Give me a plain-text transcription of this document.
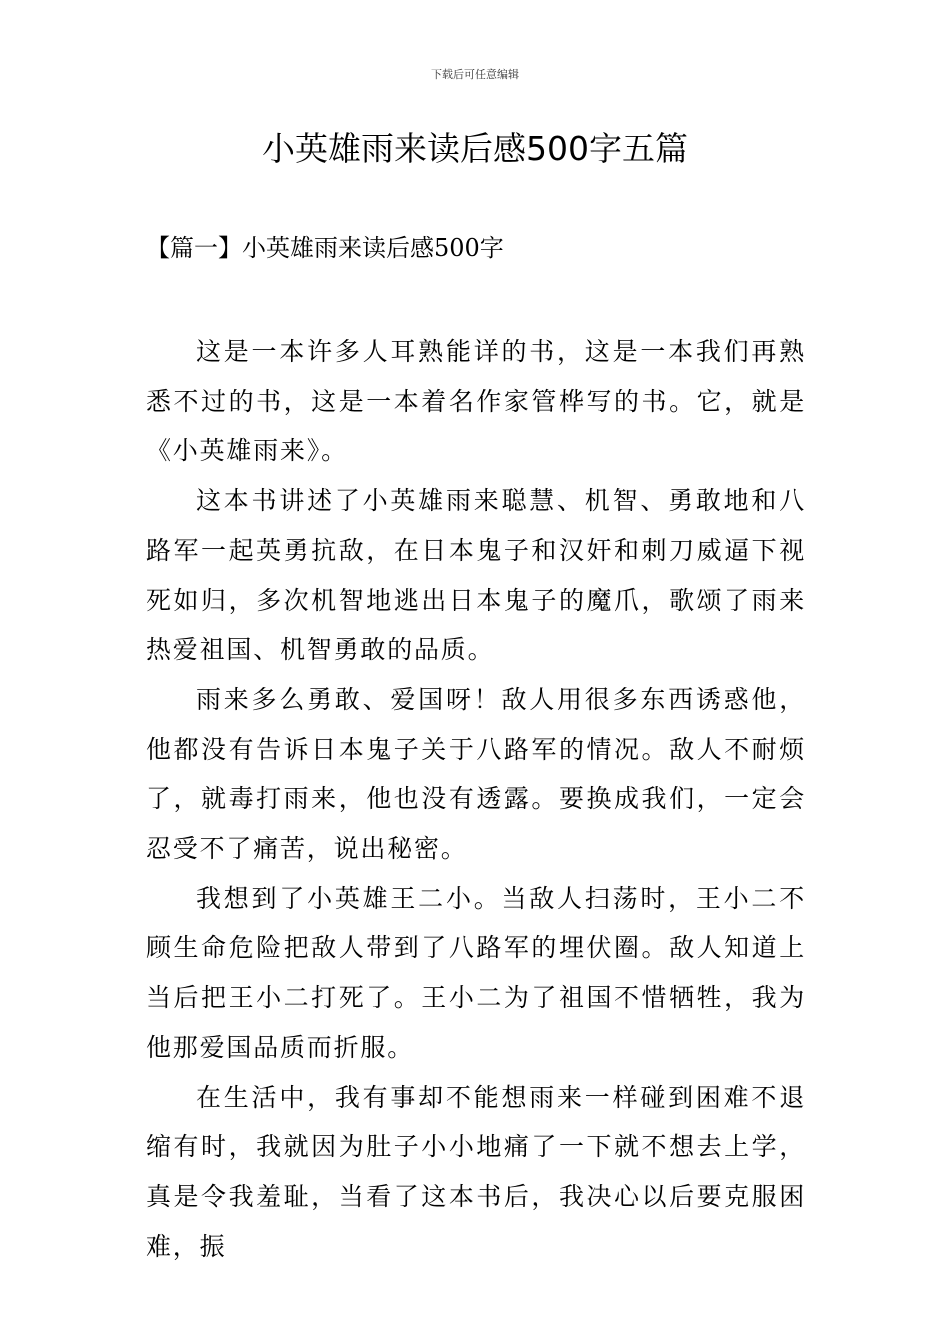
下载后可任意编辑
小英雄雨来读后感500字五篇
【篇一】小英雄雨来读后感500字

这是一本许多人耳熟能详的书，这是一本我们再熟悉不过的书，这是一本着名作家管桦写的书。它，就是《小英雄雨来》。

这本书讲述了小英雄雨来聪慧、机智、勇敢地和八路军一起英勇抗敌，在日本鬼子和汉奸和刺刀威逼下视死如归，多次机智地逃出日本鬼子的魔爪，歌颂了雨来热爱祖国、机智勇敢的品质。

雨来多么勇敢、爱国呀！敌人用很多东西诱惑他，他都没有告诉日本鬼子关于八路军的情况。敌人不耐烦了，就毒打雨来，他也没有透露。要换成我们，一定会忍受不了痛苦，说出秘密。

我想到了小英雄王二小。当敌人扫荡时，王小二不顾生命危险把敌人带到了八路军的埋伏圈。敌人知道上当后把王小二打死了。王小二为了祖国不惜牺牲，我为他那爱国品质而折服。

在生活中，我有事却不能想雨来一样碰到困难不退缩有时，我就因为肚子小小地痛了一下就不想去上学，真是令我羞耻，当看了这本书后，我决心以后要克服困难，振
